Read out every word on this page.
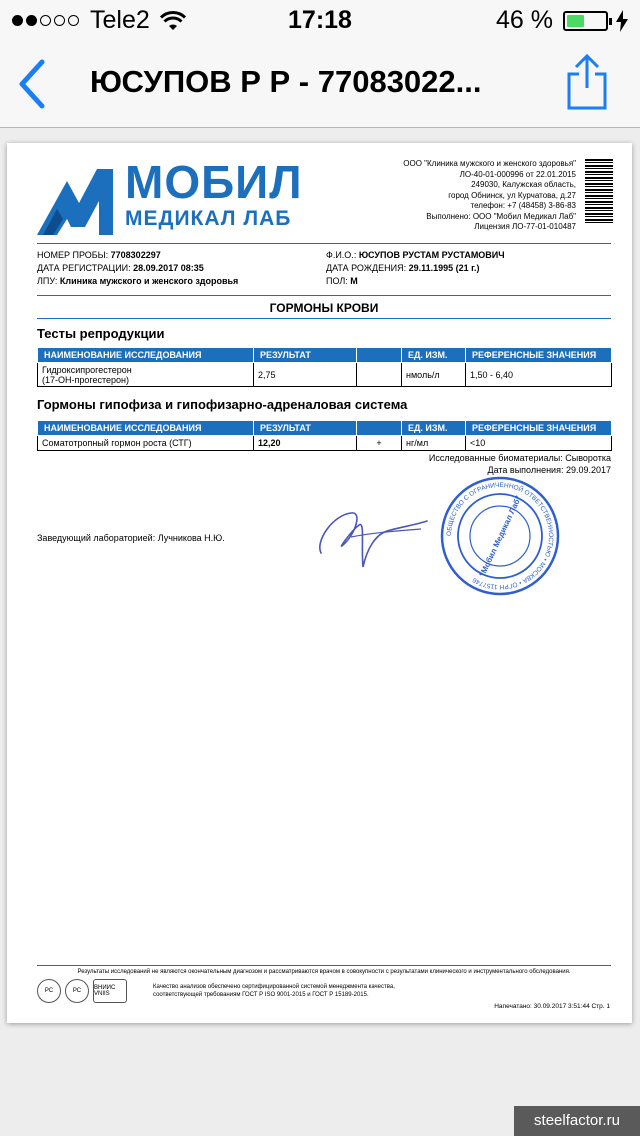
Tele2	17:18	46 %
ЮСУПОВ Р Р - 77083022...
МОБИЛ
МЕДИКАЛ ЛАБ
ООО "Клиника мужского и женского здоровья"
ЛО-40-01-000996 от 22.01.2015
249030, Калужская область,
город Обнинск, ул Курчатова, д.27
телефон: +7 (48458) 3-86-83
Выполнено: ООО "Мобил Медикал Лаб"
Лицензия ЛО-77-01-010487
НОМЕР ПРОБЫ: 7708302297
ДАТА РЕГИСТРАЦИИ: 28.09.2017 08:35
ЛПУ: Клиника мужского и женского здоровья
Ф.И.О.: ЮСУПОВ РУСТАМ РУСТАМОВИЧ
ДАТА РОЖДЕНИЯ: 29.11.1995 (21 г.)
ПОЛ: М
ГОРМОНЫ КРОВИ
Тесты репродукции
НАИМЕНОВАНИЕ ИССЛЕДОВАНИЯ	РЕЗУЛЬТАТ		ЕД. ИЗМ.	РЕФЕРЕНСНЫЕ ЗНАЧЕНИЯ

Гидроксипрогестерон
(17-ОН-прогестерон)	2,75		нмоль/л	1,50 - 6,40
Гормоны гипофиза и гипофизарно-адреналовая система
НАИМЕНОВАНИЕ ИССЛЕДОВАНИЯ	РЕЗУЛЬТАТ		ЕД. ИЗМ.	РЕФЕРЕНСНЫЕ ЗНАЧЕНИЯ
Соматотропный гормон роста (СТГ)	12,20	+	нг/мл	<10
Исследованные биоматериалы: Сыворотка
Дата выполнения: 29.09.2017
Заведующий лабораторией: Лучникова Н.Ю.	ОБЩЕСТВО С ОГРАНИЧЕННОЙ ОТВЕТСТВЕННОСТЬЮ • МОСКВА • ОГРН 1157746
"Мобил Медикал Лаб"
Результаты исследований не являются окончательным диагнозом и рассматриваются врачом в совокупности с результатами клинического и инструментального обследования.
РС	РС	ВНИИС VNIIS
Качество анализов обеспечено сертифицированной системой менеджмента качества,
соответствующей требованиям ГОСТ Р ISO 9001-2015 и ГОСТ Р 15189-2015.
Напечатано: 30.09.2017 3:51:44 Стр. 1
steelfactor.ru
